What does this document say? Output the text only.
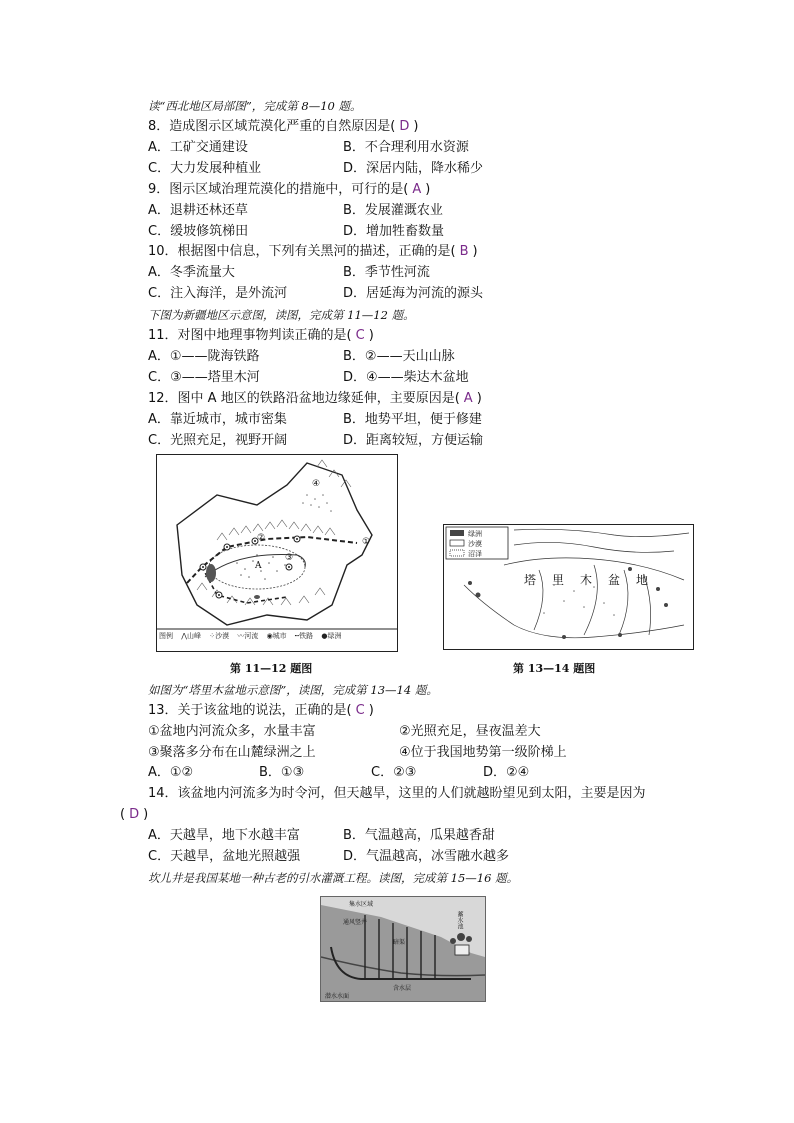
读“西北地区局部图”，完成第 8—10 题。
8．造成图示区域荒漠化严重的自然原因是( D )
A．工矿交通建设	B．不合理利用水资源
C．大力发展种植业	D．深居内陆，降水稀少
9．图示区域治理荒漠化的措施中，可行的是( A )
A．退耕还林还草	B．发展灌溉农业
C．缓坡修筑梯田	D．增加牲畜数量
10．根据图中信息，下列有关黑河的描述，正确的是( B )
A．冬季流量大	B．季节性河流
C．注入海洋，是外流河	D．居延海为河流的源头
下图为新疆地区示意图，读图，完成第 11—12 题。
11．对图中地理事物判读正确的是( C )
A．①——陇海铁路	B．②——天山山脉
C．③——塔里木河	D．④——柴达木盆地
12．图中 A 地区的铁路沿盆地边缘延伸，主要原因是( A )
A．靠近城市，城市密集	B．地势平坦，便于修建
C．光照充足，视野开阔	D．距离较短，方便运输
A
①
②
③
④
图例 ⋀山峰 ⁘沙漠 〰河流 ◉城市 ┅铁路 ●绿洲
绿洲
沙漠
沼泽
塔 里 木 盆 地
第 11—12 题图	第 13—14 题图
如图为“塔里木盆地示意图”，读图，完成第 13—14 题。
13．关于该盆地的说法，正确的是( C )
①盆地内河流众多，水量丰富	②光照充足，昼夜温差大
③聚落多分布在山麓绿洲之上	④位于我国地势第一级阶梯上
A．①②	B．①③	C．②③	D．②④
14．该盆地内河流多为时令河，但天越旱，这里的人们就越盼望见到太阳，主要是因为
( D )
A．天越旱，地下水越丰富	B．气温越高，瓜果越香甜
C．天越旱，盆地光照越强	D．气温越高，冰雪融水越多
坎儿井是我国某地一种古老的引水灌溉工程。读图，完成第 15—16 题。
集水区域
通风竖井
暗渠
蓄水池
含水层
潜水水面
